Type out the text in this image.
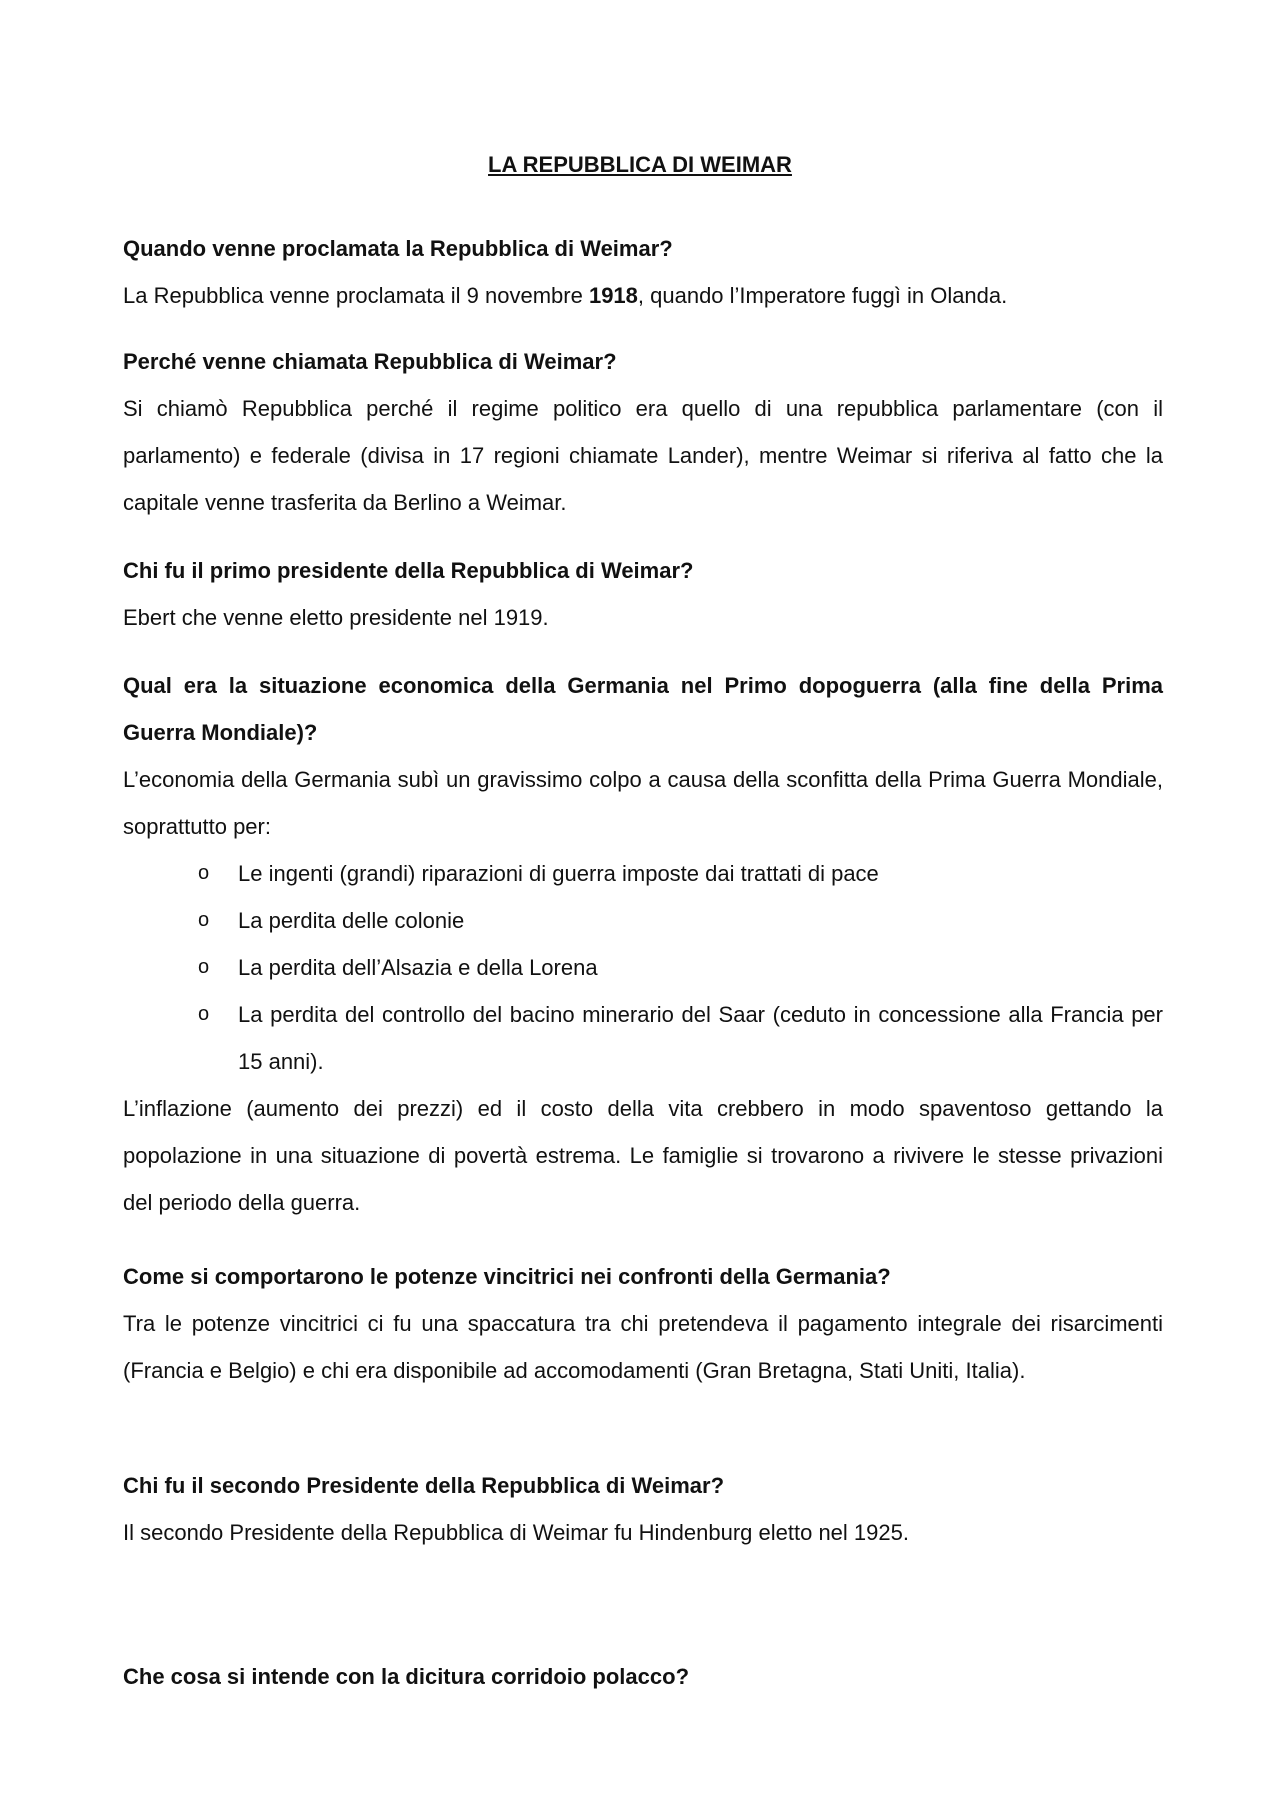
LA REPUBBLICA DI WEIMAR

Quando venne proclamata la Repubblica di Weimar?

La Repubblica venne proclamata il 9 novembre 1918, quando l’Imperatore fuggì in Olanda.

Perché venne chiamata Repubblica di Weimar?

Si chiamò Repubblica perché il regime politico era quello di una repubblica parlamentare (con il parlamento) e federale (divisa in 17 regioni chiamate Lander), mentre Weimar si riferiva al fatto che la capitale venne trasferita da Berlino a Weimar.

Chi fu il primo presidente della Repubblica di Weimar?

Ebert che venne eletto presidente nel 1919.

Qual era la situazione economica della Germania nel Primo dopoguerra (alla fine della Prima Guerra Mondiale)?

L’economia della Germania subì un gravissimo colpo a causa della sconfitta della Prima Guerra Mondiale, soprattutto per:

o Le ingenti (grandi) riparazioni di guerra imposte dai trattati di pace
o La perdita delle colonie
o La perdita dell’Alsazia e della Lorena
o La perdita del controllo del bacino minerario del Saar (ceduto in concessione alla Francia per 15 anni).

L’inflazione (aumento dei prezzi) ed il costo della vita crebbero in modo spaventoso gettando la popolazione in una situazione di povertà estrema. Le famiglie si trovarono a rivivere le stesse privazioni del periodo della guerra.

Come si comportarono le potenze vincitrici nei confronti della Germania?

Tra le potenze vincitrici ci fu una spaccatura tra chi pretendeva il pagamento integrale dei risarcimenti (Francia e Belgio) e chi era disponibile ad accomodamenti (Gran Bretagna, Stati Uniti, Italia).

Chi fu il secondo Presidente della Repubblica di Weimar?

Il secondo Presidente della Repubblica di Weimar fu Hindenburg eletto nel 1925.

Che cosa si intende con la dicitura corridoio polacco?
